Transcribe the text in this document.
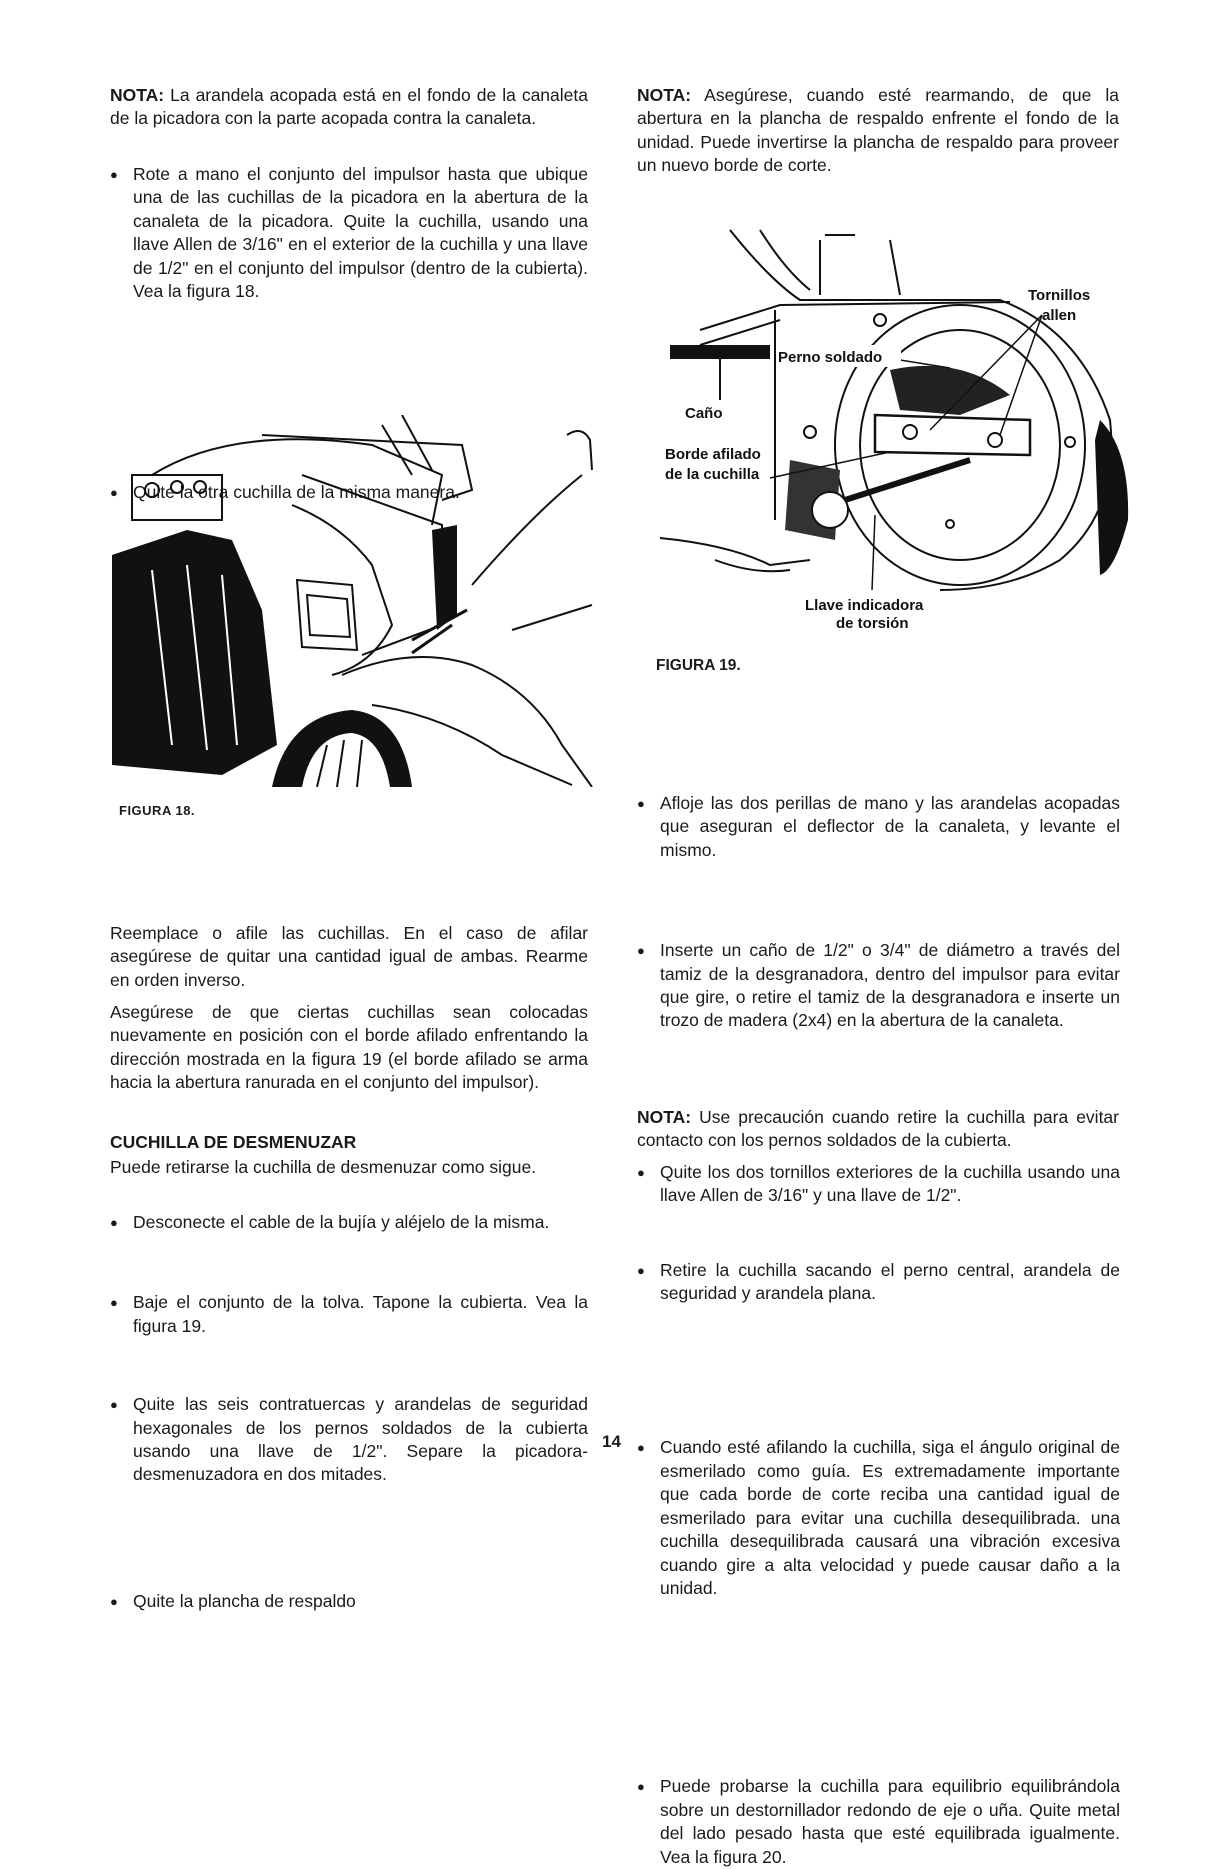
NOTA: La arandela acopada está en el fondo de la canaleta de la picadora con la parte acopada contra la canaleta.

● Rote a mano el conjunto del impulsor hasta que ubique una de las cuchillas de la picadora en la abertura de la canaleta de la picadora. Quite la cuchilla, usando una llave Allen de 3/16" en el exterior de la cuchilla y una llave de 1/2" en el conjunto del impulsor (dentro de la cubierta). Vea la figura 18.
● Quite la otra cuchilla de la misma manera.
FIGURA 18.

Reemplace o afile las cuchillas. En el caso de afilar asegúrese de quitar una cantidad igual de ambas. Rearme en orden inverso.

Asegúrese de que ciertas cuchillas sean colocadas nuevamente en posición con el borde afilado enfrentando la dirección mostrada en la figura 19 (el borde afilado se arma hacia la abertura ranurada en el conjunto del impulsor).

CUCHILLA DE DESMENUZAR

Puede retirarse la cuchilla de desmenuzar como sigue.

● Desconecte el cable de la bujía y aléjelo de la misma.
● Baje el conjunto de la tolva. Tapone la cubierta. Vea la figura 19.
● Quite las seis contratuercas y arandelas de seguridad hexagonales de los pernos soldados de la cubierta usando una llave de 1/2". Separe la picadora-desmenuzadora en dos mitades.
● Quite la plancha de respaldo

NOTA: Asegúrese, cuando esté rearmando, de que la abertura en la plancha de respaldo enfrente el fondo de la unidad. Puede invertirse la plancha de respaldo para proveer un nuevo borde de corte.

Tornillos
allen
Perno soldado
Caño
Borde afilado
de la cuchilla
Llave indicadora
de torsión
FIGURA 19.
● Afloje las dos perillas de mano y las arandelas acopadas que aseguran el deflector de la canaleta, y levante el mismo.
● Inserte un caño de 1/2" o 3/4" de diámetro a través del tamiz de la desgranadora, dentro del impulsor para evitar que gire, o retire el tamiz de la desgranadora e inserte un trozo de madera (2x4) en la abertura de la canaleta.
● Quite los dos tornillos exteriores de la cuchilla usando una llave Allen de 3/16" y una llave de 1/2".
● Retire la cuchilla sacando el perno central, arandela de seguridad y arandela plana.

NOTA: Use precaución cuando retire la cuchilla para evitar contacto con los pernos soldados de la cubierta.

● Cuando esté afilando la cuchilla, siga el ángulo original de esmerilado como guía. Es extremadamente importante que cada borde de corte reciba una cantidad igual de esmerilado para evitar una cuchilla desequilibrada. una cuchilla desequilibrada causará una vibración excesiva cuando gire a alta velocidad y puede causar daño a la unidad.
● Puede probarse la cuchilla para equilibrio equilibrándola sobre un destornillador redondo de eje o uña. Quite metal del lado pesado hasta que esté equilibrada igualmente. Vea la figura 20.
14
